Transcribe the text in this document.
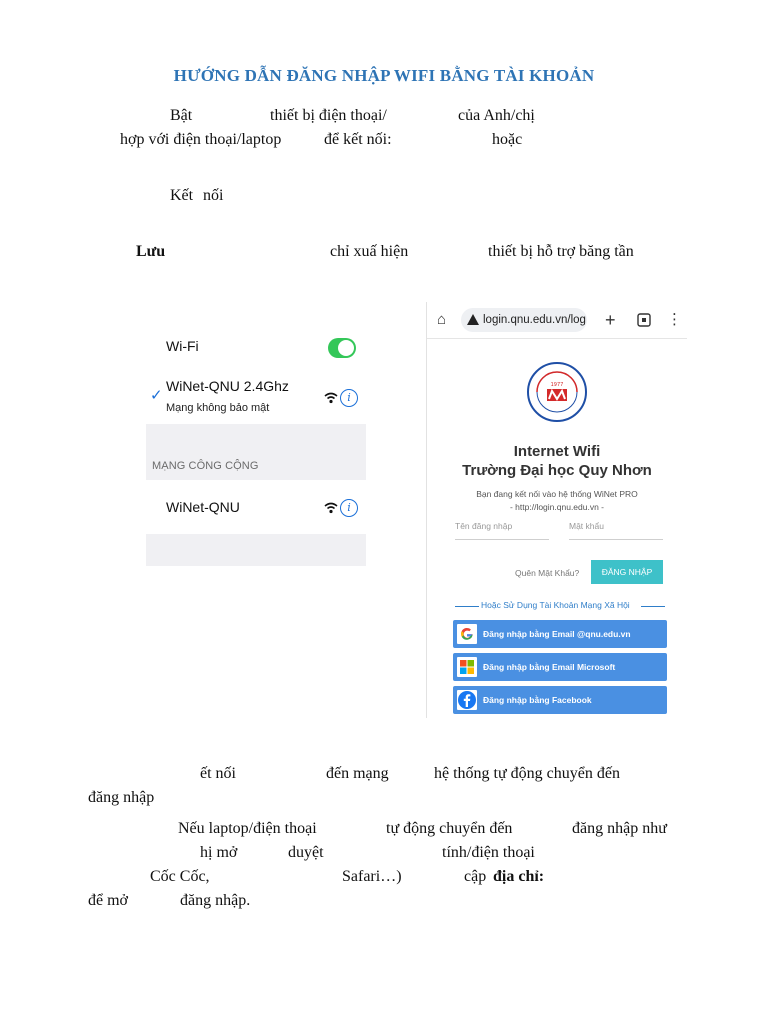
HƯỚNG DẪN ĐĂNG NHẬP WIFI BẰNG TÀI KHOẢN
Bật	thiết bị điện thoại/	của Anh/chị
hợp với điện thoại/laptop	để kết nối:	hoặc
Kết nối
Lưu	chỉ xuấ hiện	thiết bị hỗ trợ băng tần
Wi-Fi
✓
WiNet-QNU 2.4Ghz
Mạng không bảo mật
i
MẠNG CÔNG CỘNG
WiNet-QNU	i
⌂	login.qnu.edu.vn/log +	⋮
1977
Internet Wifi
Trường Đại học Quy Nhơn
Bạn đang kết nối vào hệ thống WiNet PRO
- http://login.qnu.edu.vn -
Tên đăng nhập	Mật khẩu
Quên Mật Khẩu?	ĐĂNG NHẬP
Hoặc Sử Dụng Tài Khoản Mạng Xã Hội
Đăng nhập bằng Email @qnu.edu.vn
Đăng nhập bằng Email Microsoft
Đăng nhập bằng Facebook
ết nối	đến mạng	hệ thống tự động chuyển đến
đăng nhập
Nếu laptop/điện thoại	tự động chuyển đến	đăng nhập như
hị mở	duyệt	tính/điện thoại
Cốc Cốc,	Safari…)	cập địa chỉ:
để mở	đăng nhập.
